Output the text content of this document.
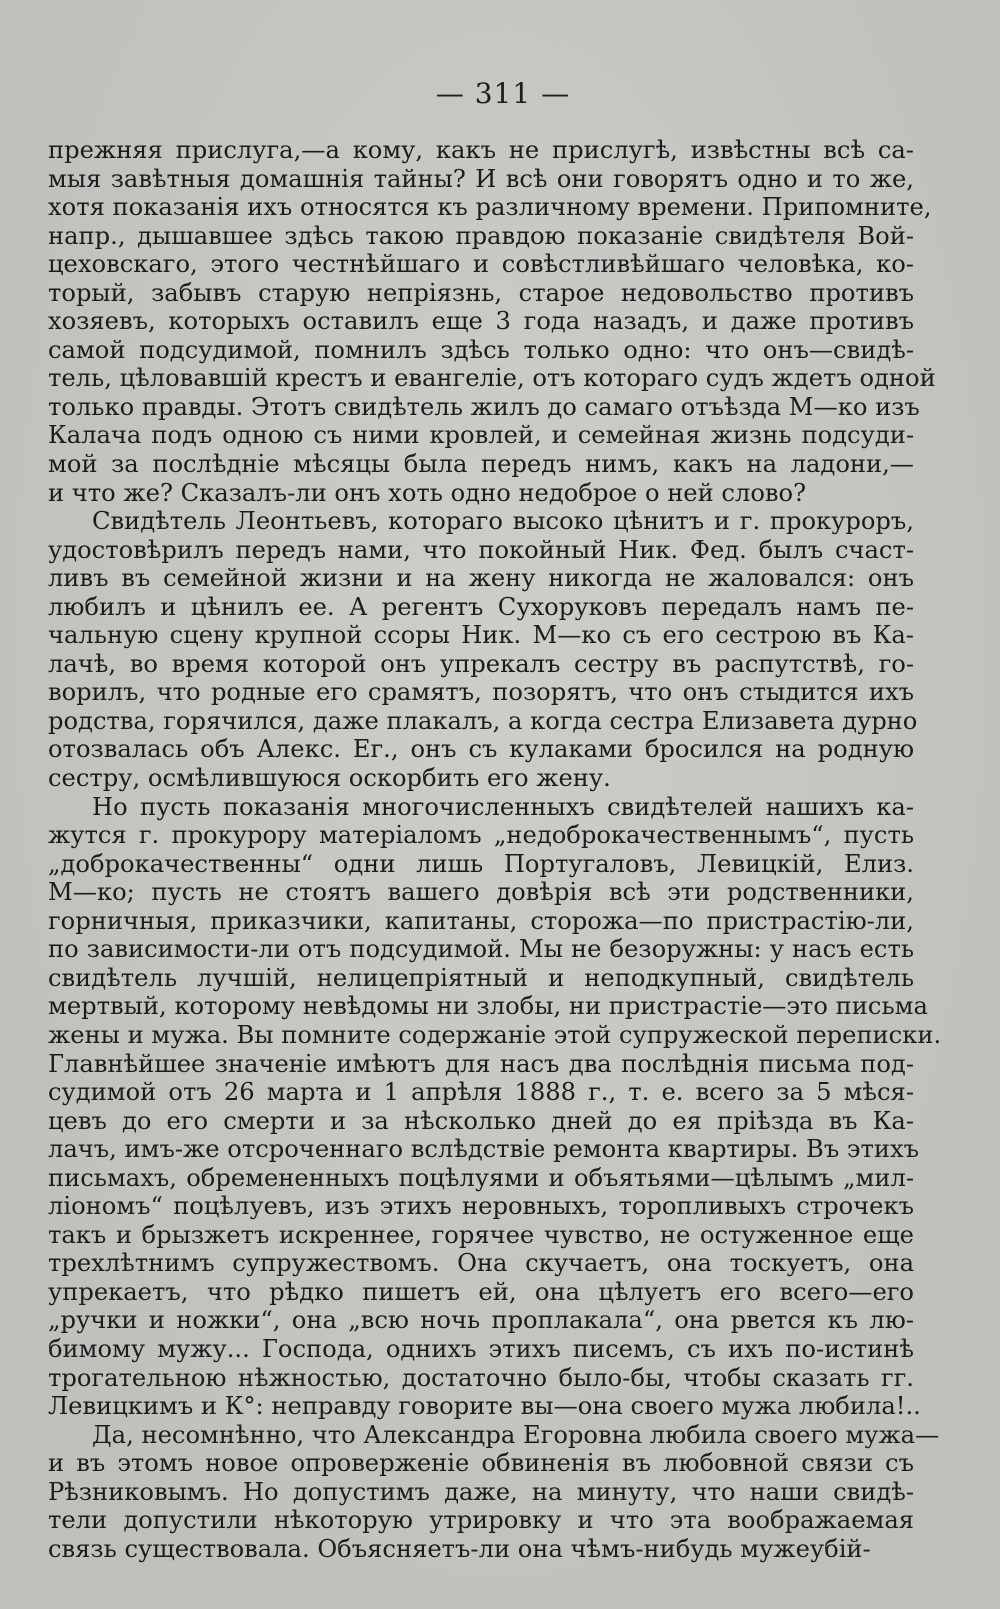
— 311 —
прежняя прислуга,—а кому, какъ не прислугѣ, извѣстны всѣ са-
мыя завѣтныя домашнія тайны? И всѣ они говорятъ одно и то же,
хотя показанія ихъ относятся къ различному времени. Припомните,
напр., дышавшее здѣсь такою правдою показаніе свидѣтеля Вой-
цеховскаго, этого честнѣйшаго и совѣстливѣйшаго человѣка, ко-
торый, забывъ старую непріязнь, старое недовольство противъ
хозяевъ, которыхъ оставилъ еще 3 года назадъ, и даже противъ
самой подсудимой, помнилъ здѣсь только одно: что онъ—свидѣ-
тель, цѣловавшій крестъ и евангеліе, отъ котораго судъ ждетъ одной
только правды. Этотъ свидѣтель жилъ до самаго отъѣзда М—ко изъ
Калача подъ одною съ ними кровлей, и семейная жизнь подсуди-
мой за послѣдніе мѣсяцы была передъ нимъ, какъ на ладони,—
и что же? Сказалъ-ли онъ хоть одно недоброе о ней слово?
Свидѣтель Леонтьевъ, котораго высоко цѣнитъ и г. прокуроръ,
удостовѣрилъ передъ нами, что покойный Ник. Фед. былъ счаст-
ливъ въ семейной жизни и на жену никогда не жаловался: онъ
любилъ и цѣнилъ ее. А регентъ Сухоруковъ передалъ намъ пе-
чальную сцену крупной ссоры Ник. М—ко съ его сестрою въ Ка-
лачѣ, во время которой онъ упрекалъ сестру въ распутствѣ, го-
ворилъ, что родные его срамятъ, позорятъ, что онъ стыдится ихъ
родства, горячился, даже плакалъ, а когда сестра Елизавета дурно
отозвалась объ Алекс. Ег., онъ съ кулаками бросился на родную
сестру, осмѣлившуюся оскорбить его жену.
Но пусть показанія многочисленныхъ свидѣтелей нашихъ ка-
жутся г. прокурору матеріаломъ „недоброкачественнымъ“, пусть
„доброкачественны“ одни лишь Португаловъ, Левицкій, Елиз.
М—ко; пусть не стоятъ вашего довѣрія всѣ эти родственники,
горничныя, приказчики, капитаны, сторожа—по пристрастію-ли,
по зависимости-ли отъ подсудимой. Мы не безоружны: у насъ есть
свидѣтель лучшій, нелицепріятный и неподкупный, свидѣтель
мертвый, которому невѣдомы ни злобы, ни пристрастіе—это письма
жены и мужа. Вы помните содержаніе этой супружеской переписки.
Главнѣйшее значеніе имѣютъ для насъ два послѣднія письма под-
судимой отъ 26 марта и 1 апрѣля 1888 г., т. е. всего за 5 мѣся-
цевъ до его смерти и за нѣсколько дней до ея пріѣзда въ Ка-
лачъ, имъ-же отсроченнаго вслѣдствіе ремонта квартиры. Въ этихъ
письмахъ, обремененныхъ поцѣлуями и объятьями—цѣлымъ „мил-
ліономъ“ поцѣлуевъ, изъ этихъ неровныхъ, торопливыхъ строчекъ
такъ и брызжетъ искреннее, горячее чувство, не остуженное еще
трехлѣтнимъ супружествомъ. Она скучаетъ, она тоскуетъ, она
упрекаетъ, что рѣдко пишетъ ей, она цѣлуетъ его всего—его
„ручки и ножки“, она „всю ночь проплакала“, она рвется къ лю-
бимому мужу... Господа, однихъ этихъ писемъ, съ ихъ по-истинѣ
трогательною нѣжностью, достаточно было-бы, чтобы сказать гг.
Левицкимъ и К°: неправду говорите вы—она своего мужа любила!..
Да, несомнѣнно, что Александра Егоровна любила своего мужа—
и въ этомъ новое опроверженіе обвиненія въ любовной связи съ
Рѣзниковымъ. Но допустимъ даже, на минуту, что наши свидѣ-
тели допустили нѣкоторую утрировку и что эта воображаемая
связь существовала. Объясняетъ-ли она чѣмъ-нибудь мужеубій-
